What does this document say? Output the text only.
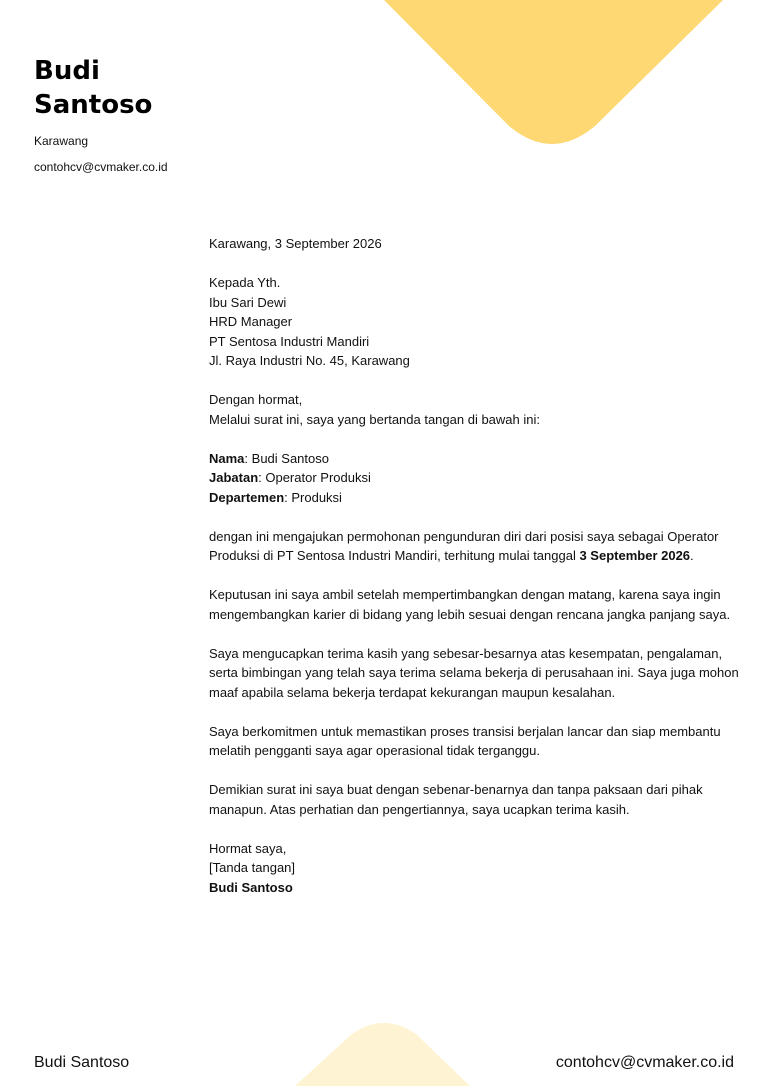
Budi
Santoso
Karawang
contohcv@cvmaker.co.id

Karawang, 3 September 2026

Kepada Yth.
Ibu Sari Dewi
HRD Manager
PT Sentosa Industri Mandiri
Jl. Raya Industri No. 45, Karawang

Dengan hormat,
Melalui surat ini, saya yang bertanda tangan di bawah ini:

Nama: Budi Santoso
Jabatan: Operator Produksi
Departemen: Produksi

dengan ini mengajukan permohonan pengunduran diri dari posisi saya sebagai Operator Produksi di PT Sentosa Industri Mandiri, terhitung mulai tanggal 3 September 2026.

Keputusan ini saya ambil setelah mempertimbangkan dengan matang, karena saya ingin mengembangkan karier di bidang yang lebih sesuai dengan rencana jangka panjang saya.

Saya mengucapkan terima kasih yang sebesar-besarnya atas kesempatan, pengalaman, serta bimbingan yang telah saya terima selama bekerja di perusahaan ini. Saya juga mohon maaf apabila selama bekerja terdapat kekurangan maupun kesalahan.

Saya berkomitmen untuk memastikan proses transisi berjalan lancar dan siap membantu melatih pengganti saya agar operasional tidak terganggu.

Demikian surat ini saya buat dengan sebenar-benarnya dan tanpa paksaan dari pihak manapun. Atas perhatian dan pengertiannya, saya ucapkan terima kasih.

Hormat saya,
[Tanda tangan]
Budi Santoso

Budi Santoso	contohcv@cvmaker.co.id
